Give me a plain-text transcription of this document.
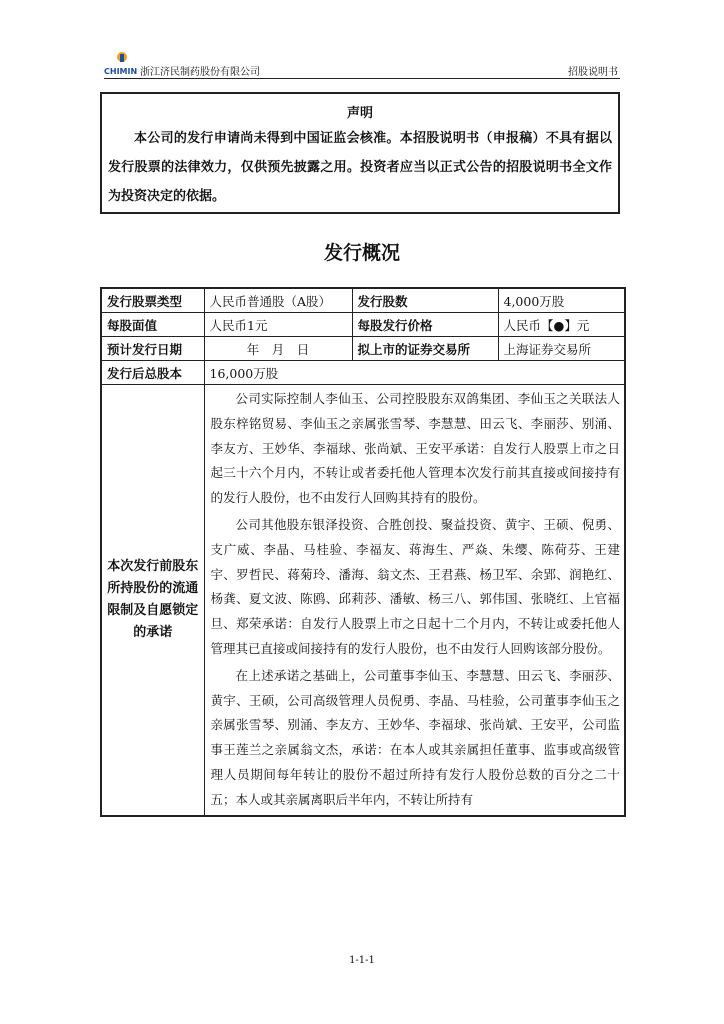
CHIMIN 浙江济民制药股份有限公司	招股说明书
声明
本公司的发行申请尚未得到中国证监会核准。本招股说明书（申报稿）不具有据以发行股票的法律效力，仅供预先披露之用。投资者应当以正式公告的招股说明书全文作为投资决定的依据。
发行概况
发行股票类型	人民币普通股（A股）	发行股数	4,000万股
每股面值	人民币1元	每股发行价格	人民币【●】元
预计发行日期	年　月　日	拟上市的证券交易所	上海证券交易所
发行后总股本	16,000万股		

本次发行前股东所持股份的流通限制及自愿锁定的承诺	公司实际控制人李仙玉、公司控股股东双鸽集团、李仙玉之关联法人股东梓铭贸易、李仙玉之亲属张雪琴、李慧慧、田云飞、李丽莎、别涌、李友方、王妙华、李福球、张尚斌、王安平承诺：自发行人股票上市之日起三十六个月内，不转让或者委托他人管理本次发行前其直接或间接持有的发行人股份，也不由发行人回购其持有的股份。

公司其他股东银泽投资、合胜创投、聚益投资、黄宇、王硕、倪勇、支广威、李晶、马桂验、李福友、蒋海生、严焱、朱缨、陈荷芬、王建宇、罗哲民、蒋菊玲、潘海、翁文杰、王君燕、杨卫军、余郢、润艳红、杨龚、夏文波、陈鸥、邱莉莎、潘敏、杨三八、郭伟国、张晓红、上官福旦、郑荣承诺：自发行人股票上市之日起十二个月内，不转让或委托他人管理其已直接或间接持有的发行人股份，也不由发行人回购该部分股份。

在上述承诺之基础上，公司董事李仙玉、李慧慧、田云飞、李丽莎、黄宇、王硕，公司高级管理人员倪勇、李晶、马桂验，公司董事李仙玉之亲属张雪琴、别涌、李友方、王妙华、李福球、张尚斌、王安平，公司监事王莲兰之亲属翁文杰，承诺：在本人或其亲属担任董事、监事或高级管理人员期间每年转让的股份不超过所持有发行人股份总数的百分之二十五；本人或其亲属离职后半年内，不转让所持有		

1-1-1
